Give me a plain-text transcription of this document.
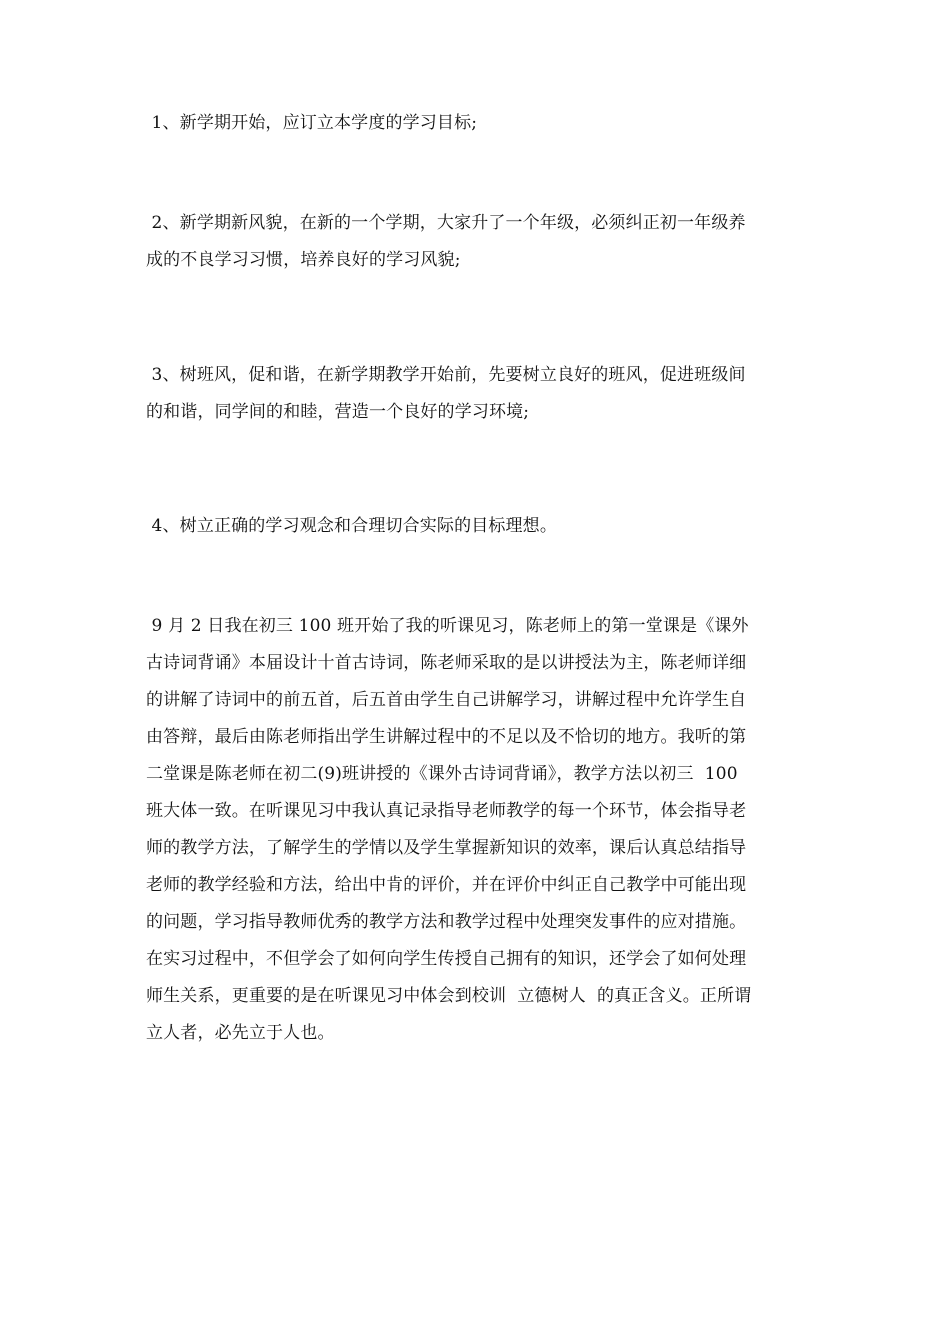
1、新学期开始，应订立本学度的学习目标;

2、新学期新风貌，在新的一个学期，大家升了一个年级，必须纠正初一年级养
成的不良学习习惯，培养良好的学习风貌;

3、树班风，促和谐，在新学期教学开始前，先要树立良好的班风，促进班级间
的和谐，同学间的和睦，营造一个良好的学习环境;

4、树立正确的学习观念和合理切合实际的目标理想。

9 月 2 日我在初三 100 班开始了我的听课见习，陈老师上的第一堂课是《课外
古诗词背诵》本届设计十首古诗词，陈老师采取的是以讲授法为主，陈老师详细
的讲解了诗词中的前五首，后五首由学生自己讲解学习，讲解过程中允许学生自
由答辩，最后由陈老师指出学生讲解过程中的不足以及不恰切的地方。我听的第
二堂课是陈老师在初二(9)班讲授的《课外古诗词背诵》，教学方法以初三  100
班大体一致。在听课见习中我认真记录指导老师教学的每一个环节，体会指导老
师的教学方法，了解学生的学情以及学生掌握新知识的效率，课后认真总结指导
老师的教学经验和方法，给出中肯的评价，并在评价中纠正自己教学中可能出现
的问题，学习指导教师优秀的教学方法和教学过程中处理突发事件的应对措施。
在实习过程中，不但学会了如何向学生传授自己拥有的知识，还学会了如何处理
师生关系，更重要的是在听课见习中体会到校训  立德树人  的真正含义。正所谓
立人者，必先立于人也。
